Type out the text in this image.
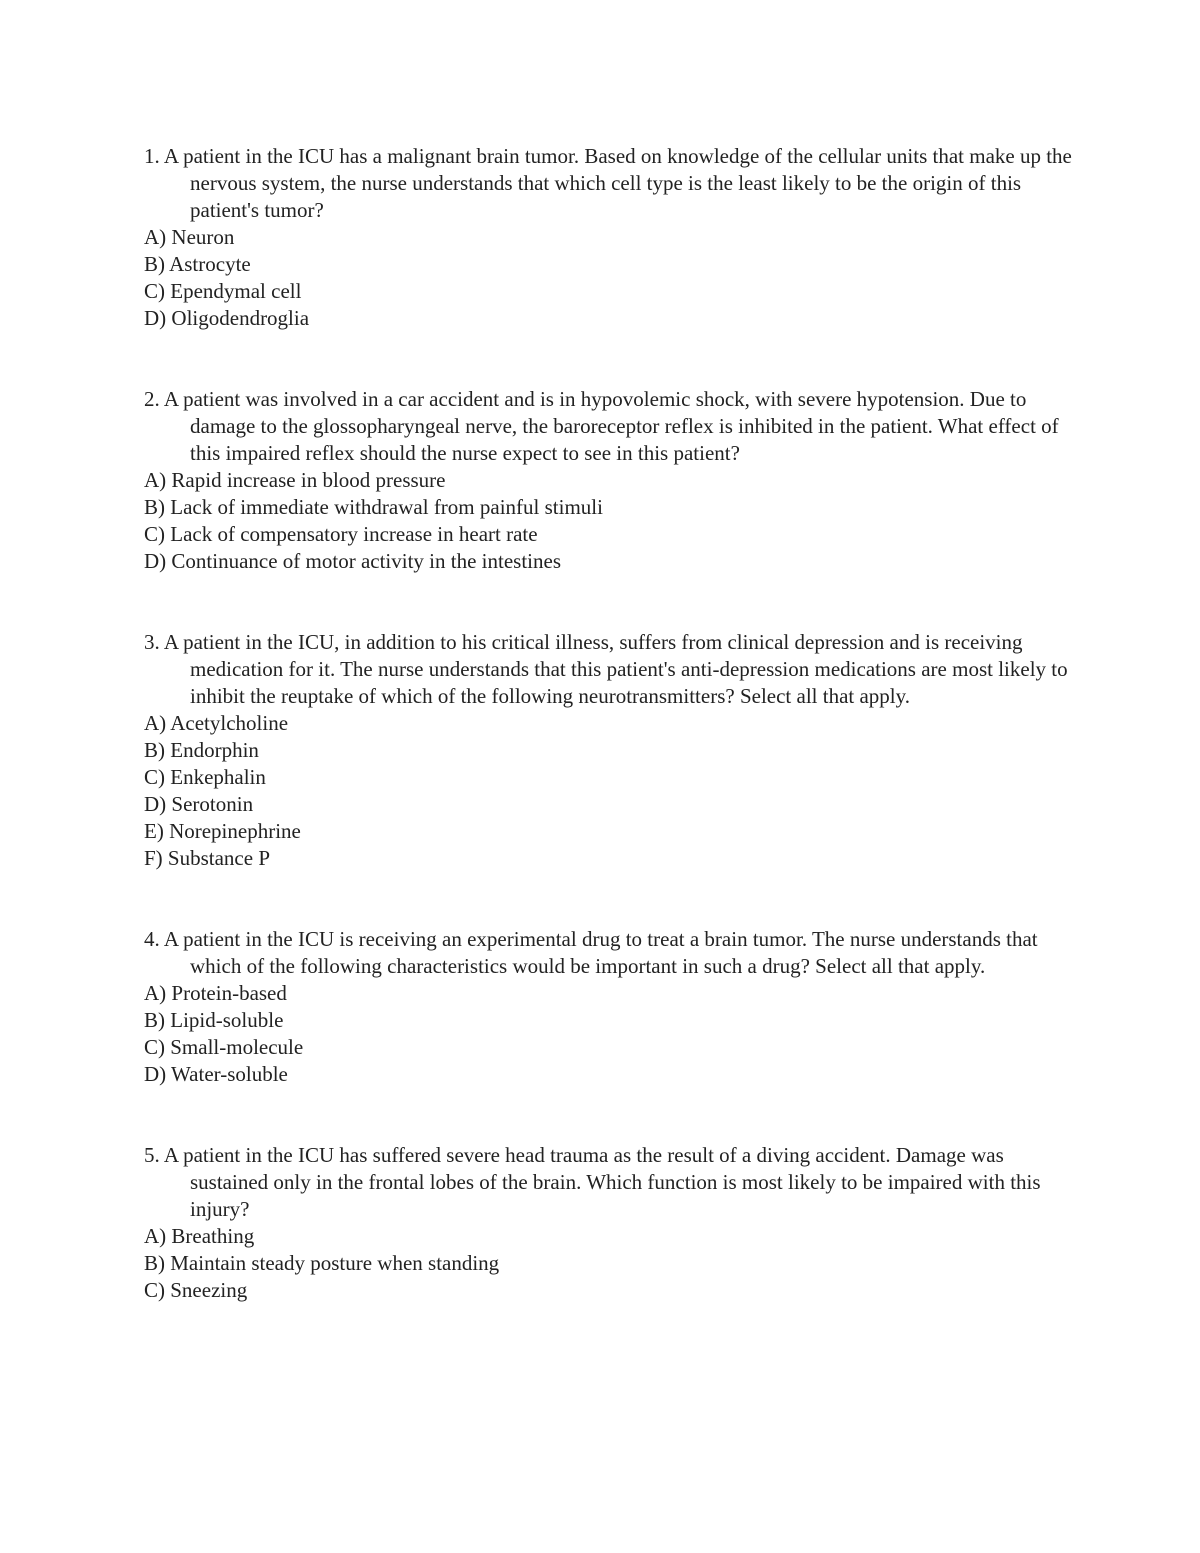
1. A patient in the ICU has a malignant brain tumor. Based on knowledge of the cellular units that make up the nervous system, the nurse understands that which cell type is the least likely to be the origin of this patient's tumor?

A) Neuron
B) Astrocyte
C) Ependymal cell
D) Oligodendroglia

2. A patient was involved in a car accident and is in hypovolemic shock, with severe hypotension. Due to damage to the glossopharyngeal nerve, the baroreceptor reflex is inhibited in the patient. What effect of this impaired reflex should the nurse expect to see in this patient?

A) Rapid increase in blood pressure
B) Lack of immediate withdrawal from painful stimuli
C) Lack of compensatory increase in heart rate
D) Continuance of motor activity in the intestines

3. A patient in the ICU, in addition to his critical illness, suffers from clinical depression and is receiving medication for it. The nurse understands that this patient's anti-depression medications are most likely to inhibit the reuptake of which of the following neurotransmitters? Select all that apply.

A) Acetylcholine
B) Endorphin
C) Enkephalin
D) Serotonin
E) Norepinephrine
F) Substance P

4. A patient in the ICU is receiving an experimental drug to treat a brain tumor. The nurse understands that which of the following characteristics would be important in such a drug? Select all that apply.

A) Protein-based
B) Lipid-soluble
C) Small-molecule
D) Water-soluble

5. A patient in the ICU has suffered severe head trauma as the result of a diving accident. Damage was sustained only in the frontal lobes of the brain. Which function is most likely to be impaired with this injury?

A) Breathing
B) Maintain steady posture when standing
C) Sneezing
